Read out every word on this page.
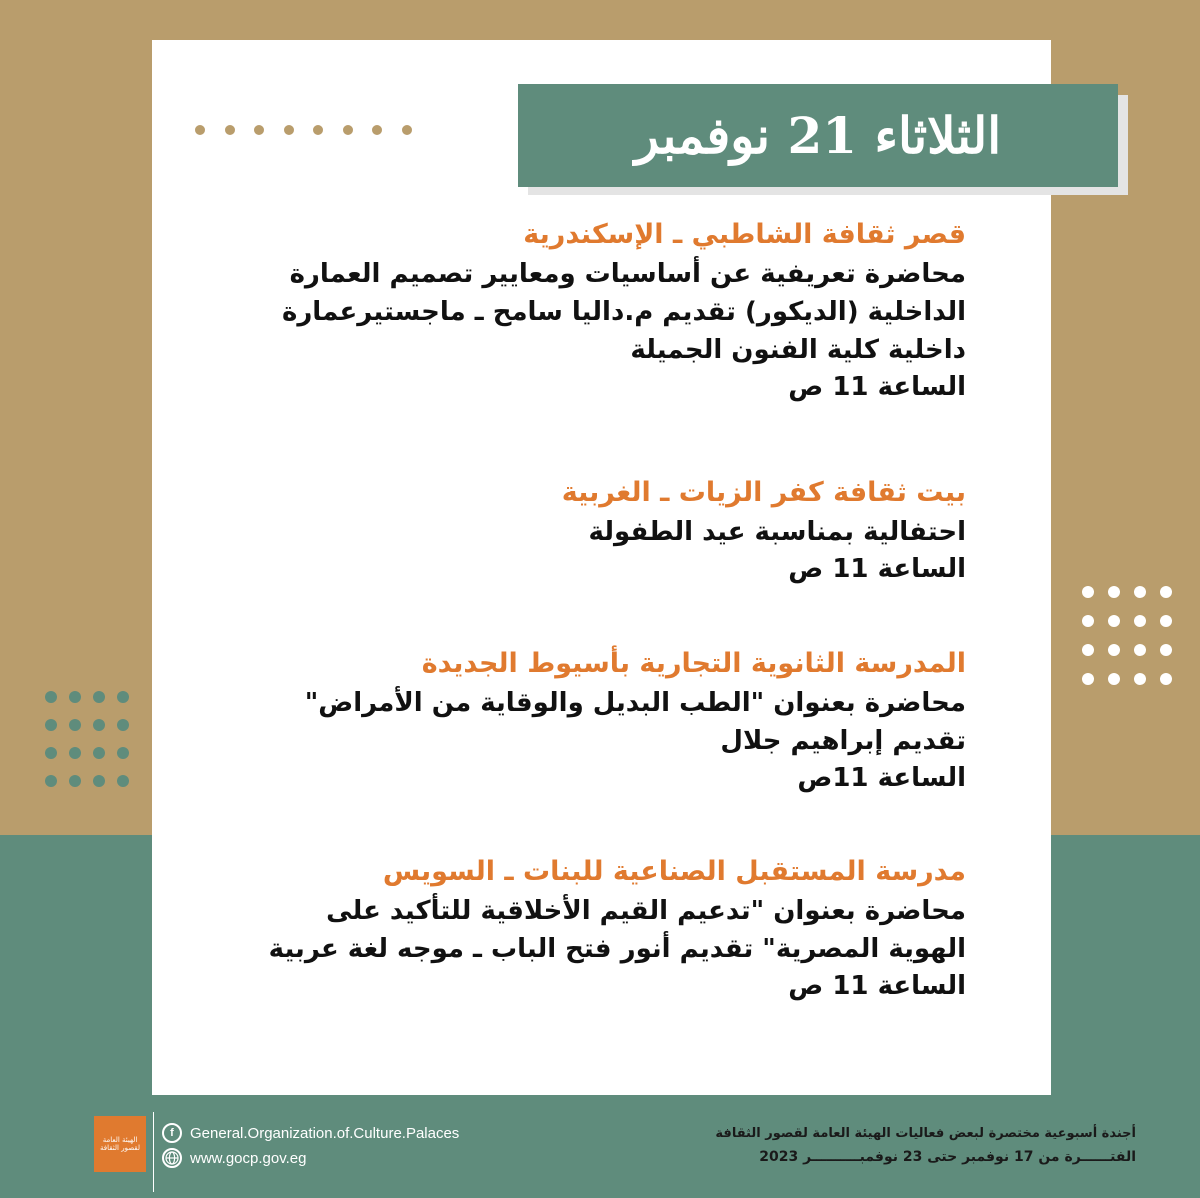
الثلاثاء 21 نوفمبر
قصر ثقافة الشاطبي ـ الإسكندرية
محاضرة تعريفية عن أساسيات ومعايير تصميم العمارة الداخلية (الديكور) تقديم م.داليا سامح ـ ماجستيرعمارة داخلية كلية الفنون الجميلة
الساعة 11 ص
بيت ثقافة كفر الزيات ـ الغربية
احتفالية بمناسبة عيد الطفولة
الساعة 11 ص
المدرسة الثانوية التجارية بأسيوط الجديدة
محاضرة بعنوان "الطب البديل والوقاية من الأمراض" تقديم إبراهيم جلال
الساعة 11ص
مدرسة المستقبل الصناعية للبنات ـ السويس
محاضرة بعنوان "تدعيم القيم الأخلاقية للتأكيد على الهوية المصرية" تقديم أنور فتح الباب ـ موجه لغة عربية
الساعة 11 ص
الهيئة العامة لقصور الثقافة
f	General.Organization.of.Culture.Palaces
www.gocp.gov.eg
أجندة أسبوعية مختصرة لبعض فعاليات الهيئة العامة لقصور الثقافة
الفتــــــرة من 17 نوفمبر حتى 23 نوفمبــــــــــر 2023
